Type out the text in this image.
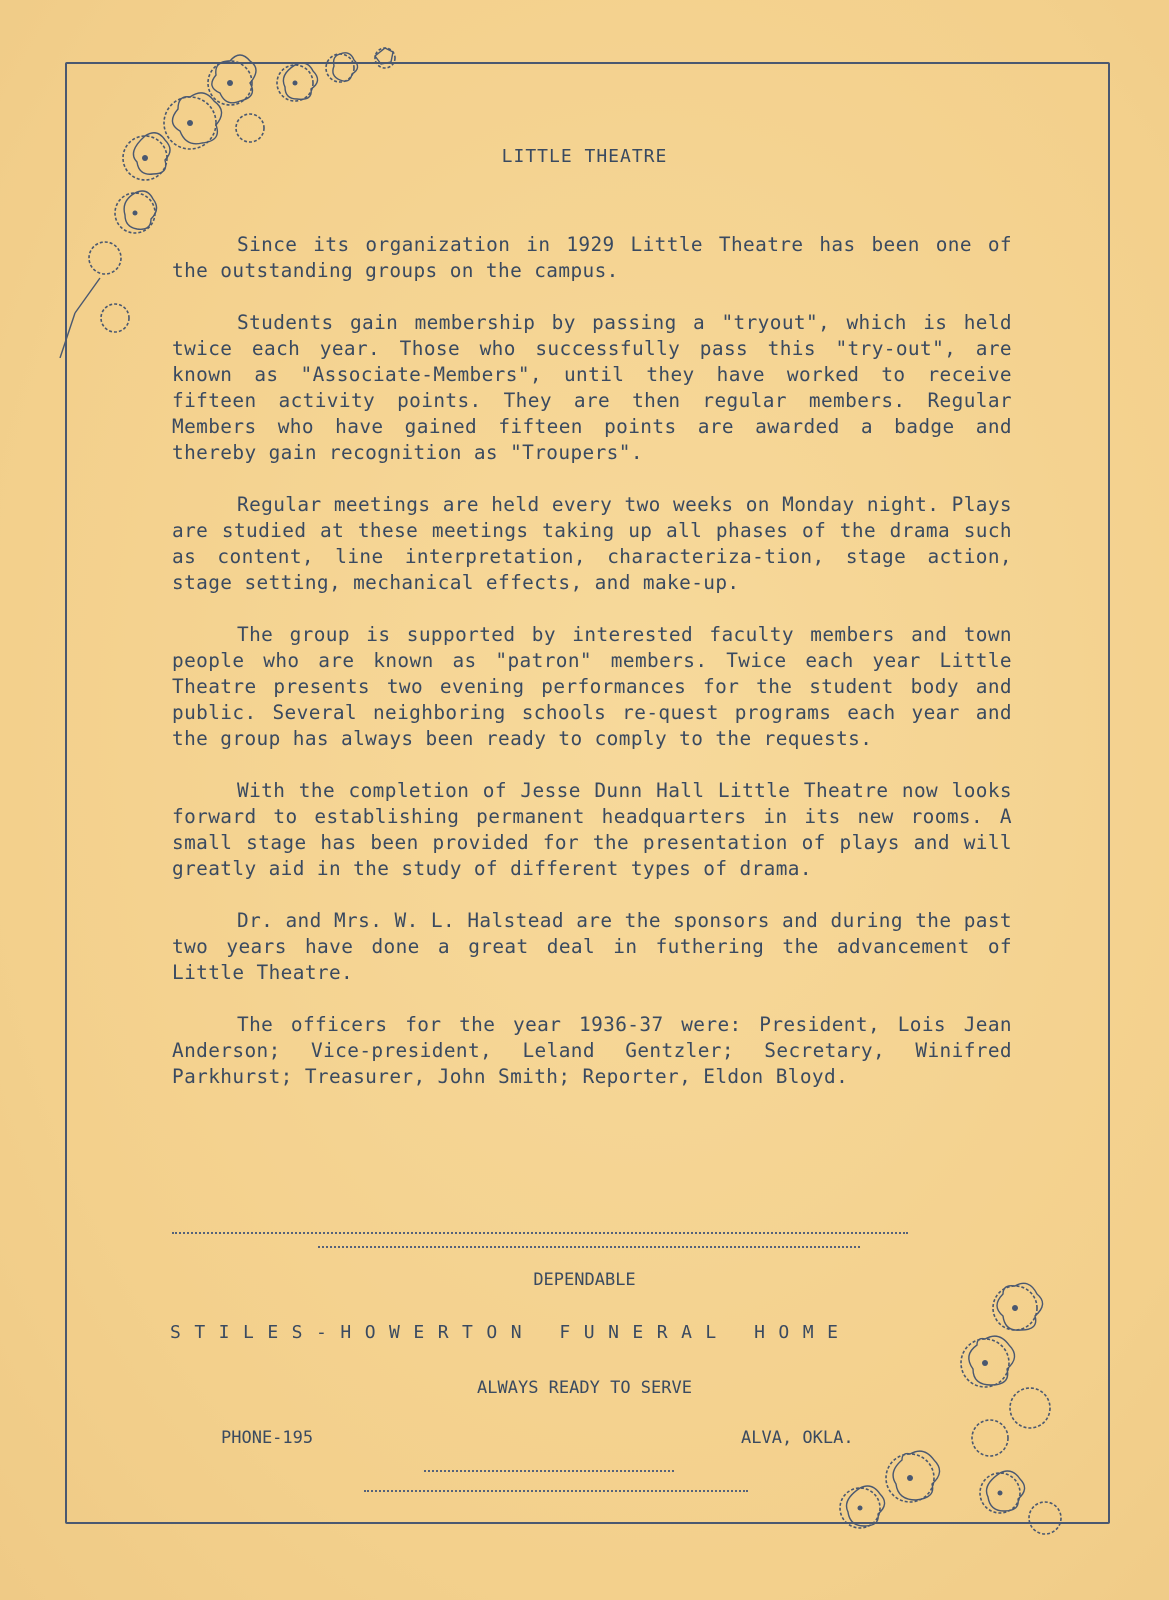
LITTLE THEATRE

Since its organization in 1929 Little Theatre has been one of the outstanding groups on the campus.

Students gain membership by passing a "tryout", which is held twice each year. Those who successfully pass this "try-out", are known as "Associate-Members", until they have worked to receive fifteen activity points. They are then regular members. Regular Members who have gained fifteen points are awarded a badge and thereby gain recognition as "Troupers".

Regular meetings are held every two weeks on Monday night. Plays are studied at these meetings taking up all phases of the drama such as content, line interpretation, characteriza-tion, stage action, stage setting, mechanical effects, and make-up.

The group is supported by interested faculty members and town people who are known as "patron" members. Twice each year Little Theatre presents two evening performances for the student body and public. Several neighboring schools re-quest programs each year and the group has always been ready to comply to the requests.

With the completion of Jesse Dunn Hall Little Theatre now looks forward to establishing permanent headquarters in its new rooms. A small stage has been provided for the presentation of plays and will greatly aid in the study of different types of drama.

Dr. and Mrs. W. L. Halstead are the sponsors and during the past two years have done a great deal in futhering the advancement of Little Theatre.

The officers for the year 1936-37 were: President, Lois Jean Anderson; Vice-president, Leland Gentzler; Secretary, Winifred Parkhurst; Treasurer, John Smith; Reporter, Eldon Bloyd.

DEPENDABLE
STILES-HOWERTON FUNERAL HOME
ALWAYS READY TO SERVE
PHONE-195	ALVA, OKLA.
